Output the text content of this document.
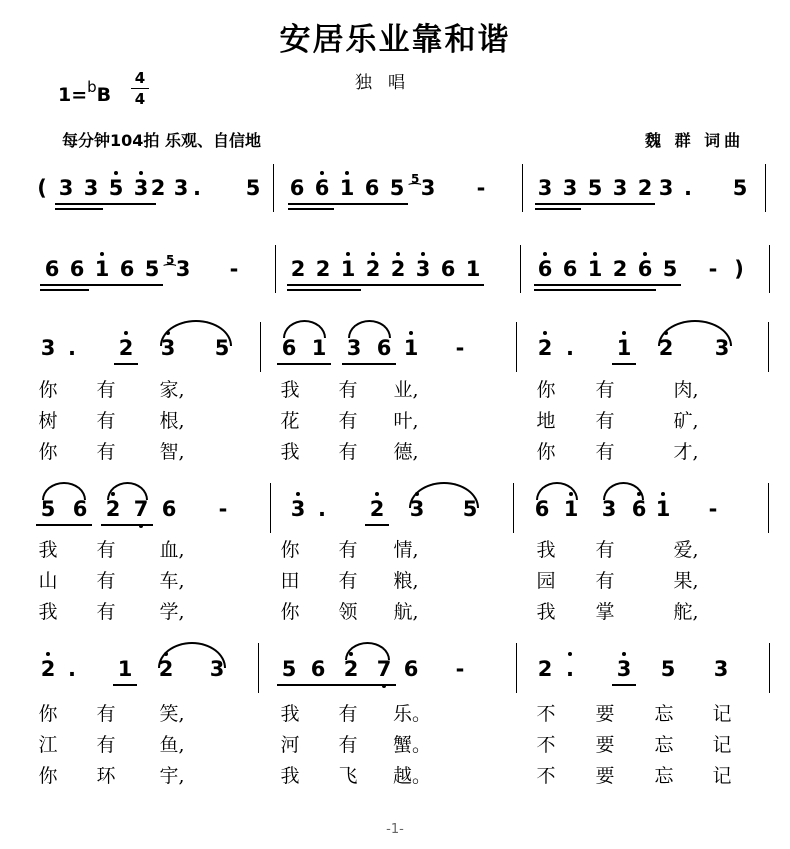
安居乐业靠和谐
独唱
1=$^b$B
4
4
每分钟104拍 乐观、自信地	魏 群 词曲
( 3 3 5 3 2 3 . 5 6 6 1 6 5 3	-	3 3 5 3 2 3 . 5
5
⁀
6 6 1 6 5 3	-	2 2 1 2 2 3 6 1	6 6 1 2 6 5	- )
5
⁀
3 . 2 3 5 6 1 3 6 1	-	2 . 1 2 3
你 有 家,	我 有 业,	你 有	肉,
树 有 根,	花 有 叶,	地 有	矿,
你 有 智,	我 有 德,	你 有	才,
5 6 2 7 6	-	3 . 2 3 5	6 1 3 6 1	-
我 有 血,	你 有 情,	我 有	爱,
山 有 车,	田 有 粮,	园 有	果,
我 有 学,	你 领 航,	我 掌	舵,
2 . 1 2 3	5 6 2 7 6	-	2 . 3 5 3
你 有 笑,	我 有 乐。	不 要 忘 记
江 有 鱼,	河 有 蟹。	不 要 忘 记
你 环 宇,	我 飞 越。	不 要 忘 记
-1-
